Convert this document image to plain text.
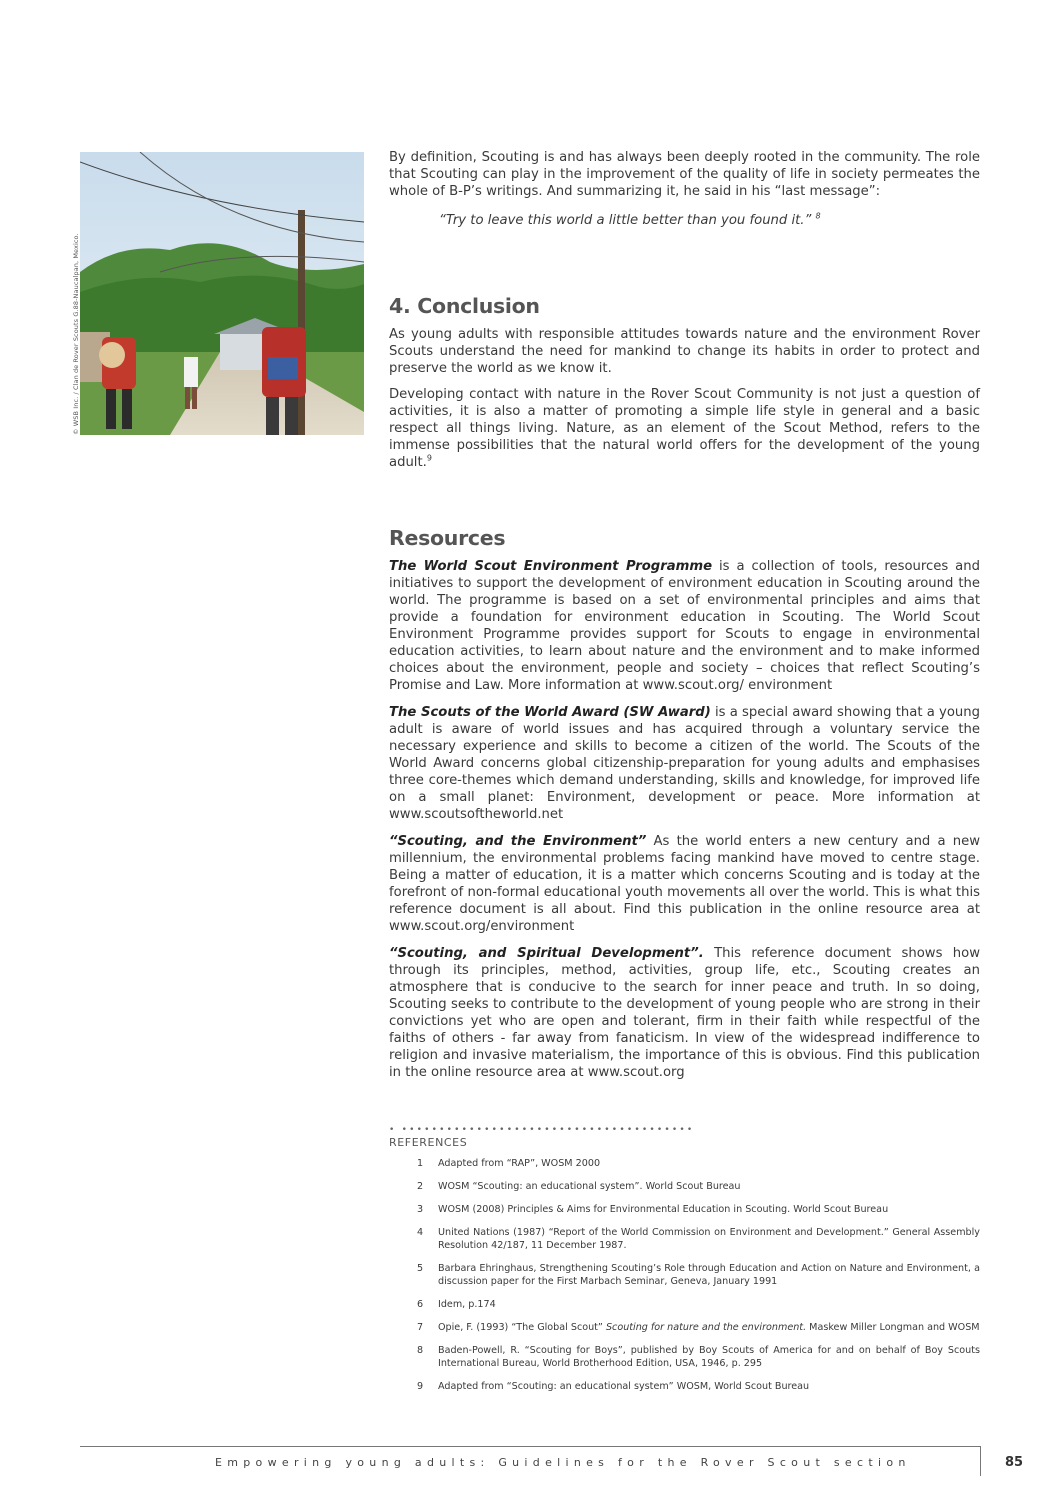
© WSB Inc. / Clan de Rover Scouts G.88-Naucalpan, Mexico.

By definition, Scouting is and has always been deeply rooted in the community. The role that Scouting can play in the improvement of the quality of life in society permeates the whole of B-P’s writings. And summarizing it, he said in his “last message”:

“Try to leave this world a little better than you found it.” $^8$
4. Conclusion

As young adults with responsible attitudes towards nature and the environment Rover Scouts understand the need for mankind to change its habits in order to protect and preserve the world as we know it.

Developing contact with nature in the Rover Scout Community is not just a question of activities, it is also a matter of promoting a simple life style in general and a basic respect all things living. Nature, as an element of the Scout Method, refers to the immense possibilities that the natural world offers for the development of the young adult.$^9$

Resources

The World Scout Environment Programme is a collection of tools, resources and initiatives to support the development of environment education in Scouting around the world. The programme is based on a set of environmental principles and aims that provide a foundation for environment education in Scouting. The World Scout Environment Programme provides support for Scouts to engage in environmental education activities, to learn about nature and the environment and to make informed choices about the environment, people and society – choices that reflect Scouting’s Promise and Law. More information at www.scout.org/ environment

The Scouts of the World Award (SW Award) is a special award showing that a young adult is aware of world issues and has acquired through a voluntary service the necessary experience and skills to become a citizen of the world. The Scouts of the World Award concerns global citizenship-preparation for young adults and emphasises three core-themes which demand understanding, skills and knowledge, for improved life on a small planet: Environment, development or peace. More information at www.scoutsoftheworld.net

“Scouting, and the Environment” As the world enters a new century and a new millennium, the environmental problems facing mankind have moved to centre stage. Being a matter of education, it is a matter which concerns Scouting and is today at the forefront of non-formal educational youth movements all over the world. This is what this reference document is all about. Find this publication in the online resource area at www.scout.org/environment

“Scouting, and Spiritual Development”. This reference document shows how through its principles, method, activities, group life, etc., Scouting creates an atmosphere that is conducive to the search for inner peace and truth. In so doing, Scouting seeks to contribute to the development of young people who are strong in their convictions yet who are open and tolerant, firm in their faith while respectful of the faiths of others - far away from fanaticism. In view of the widespread indifference to religion and invasive materialism, the importance of this is obvious. Find this publication in the online resource area at www.scout.org

• •••••••••••••••••••••••••••••••••••••••
REFERENCES
1 Adapted from “RAP”, WOSM 2000
2 WOSM “Scouting: an educational system”. World Scout Bureau
3 WOSM (2008) Principles & Aims for Environmental Education in Scouting. World Scout Bureau
4 United Nations (1987) “Report of the World Commission on Environment and Development.” General Assembly Resolution 42/187, 11 December 1987.
5 Barbara Ehringhaus, Strengthening Scouting’s Role through Education and Action on Nature and Environment, a discussion paper for the First Marbach Seminar, Geneva, January 1991
6 Idem, p.174
7 Opie, F. (1993) “The Global Scout” Scouting for nature and the environment. Maskew Miller Longman and WOSM
8 Baden-Powell, R. “Scouting for Boys”, published by Boy Scouts of America for and on behalf of Boy Scouts International Bureau, World Brotherhood Edition, USA, 1946, p. 295
9 Adapted from “Scouting: an educational system” WOSM, World Scout Bureau
Empowering young adults: Guidelines for the Rover Scout section	85
